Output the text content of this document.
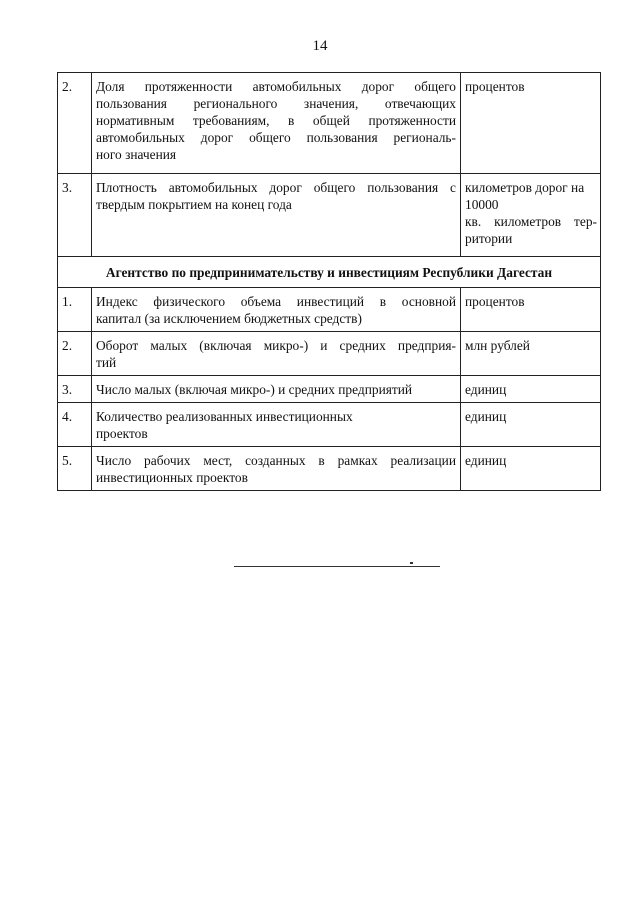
14
2.	Доля протяженности автомобильных дорог общего
пользования регионального значения, отвечающих
нормативным требованиям, в общей протяженности
автомобильных дорог общего пользования региональ-
ного значения	процентов

3.	Плотность автомобильных дорог общего пользования с
твердым покрытием на конец года	километров дорог на
10000
кв. километров тер-
ритории

Агентство по предпринимательству и инвестициям Республики Дагестан		
1.	Индекс физического объема инвестиций в основной
капитал (за исключением бюджетных средств)	процентов

2.	Оборот малых (включая микро-) и средних предприя-
тий	млн рублей

3.	Число малых (включая микро-) и средних предприятий	единиц

4.	Количество реализованных инвестиционных
проектов	единиц

5.	Число рабочих мест, созданных в рамках реализации
инвестиционных проектов	единиц
